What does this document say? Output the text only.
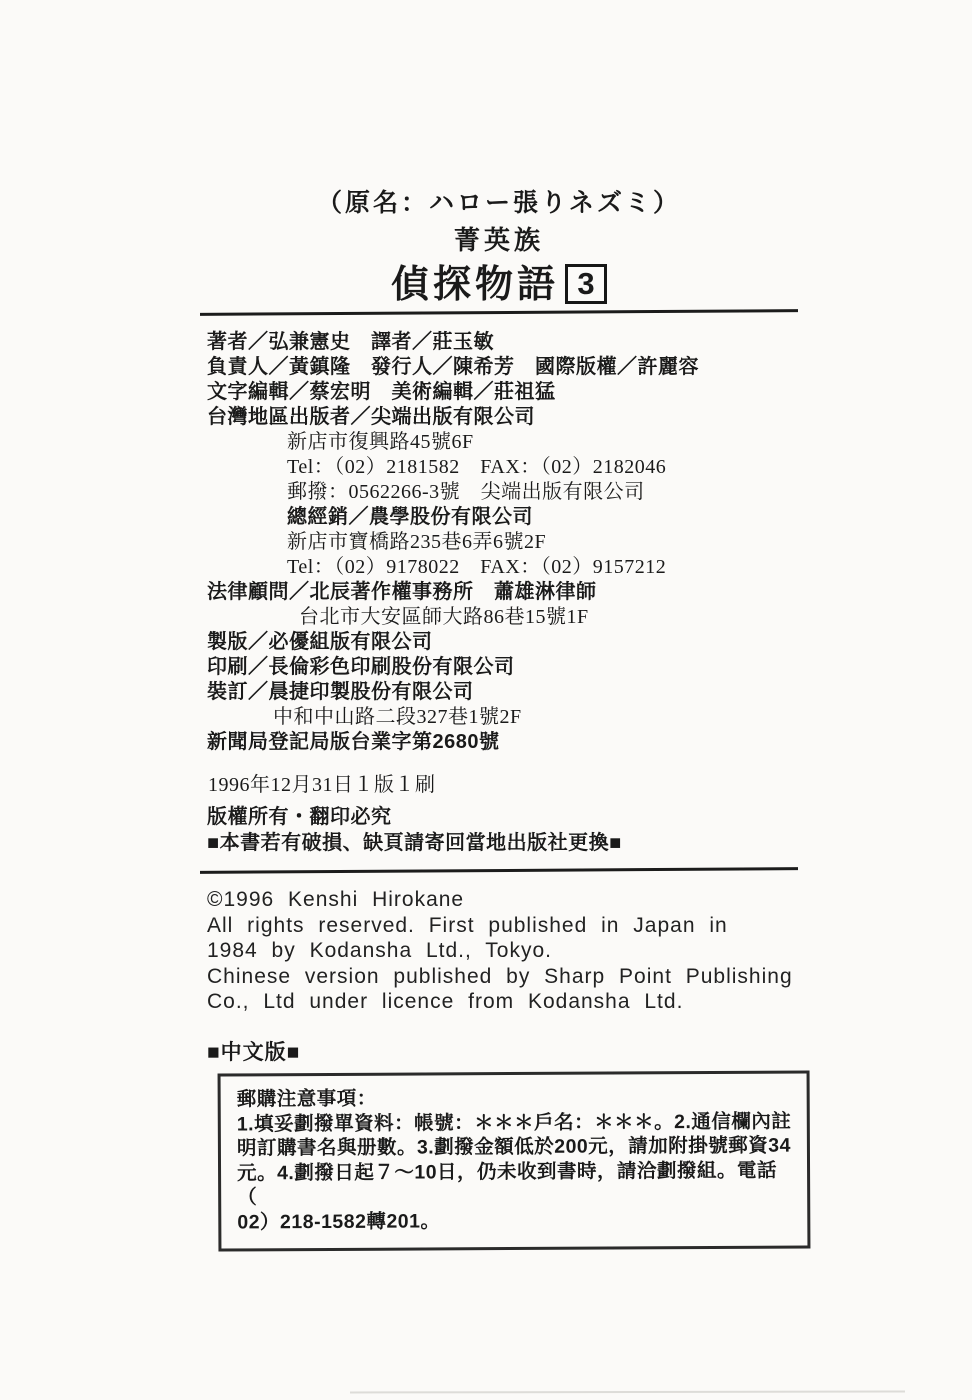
（原名：ハロー張りネズミ）
菁英族
偵探物語 3
著者／弘兼憲史　譯者／莊玉敏
負責人／黃鎮隆　發行人／陳希芳　國際版權／許麗容
文字編輯／蔡宏明　美術編輯／莊祖猛
台灣地區出版者／尖端出版有限公司
新店市復興路45號6F
Tel：（02）2181582　FAX：（02）2182046
郵撥：0562266-3號　尖端出版有限公司
總經銷／農學股份有限公司
新店市寶橋路235巷6弄6號2F
Tel：（02）9178022　FAX：（02）9157212
法律顧問／北辰著作權事務所　蕭雄淋律師
台北市大安區師大路86巷15號1F
製版／必優組版有限公司
印刷／長倫彩色印刷股份有限公司
裝訂／晨捷印製股份有限公司
中和中山路二段327巷1號2F
新聞局登記局版台業字第2680號
1996年12月31日１版１刷
版權所有・翻印必究
■本書若有破損、缺頁請寄回當地出版社更換■
©1996 Kenshi Hirokane
All rights reserved. First published in Japan in
1984 by Kodansha Ltd., Tokyo.
Chinese version published by Sharp Point Publishing
Co., Ltd under licence from Kodansha Ltd.
■中文版■
郵購注意事項：
1.填妥劃撥單資料：帳號：＊＊＊戶名：＊＊＊。2.通信欄內註
明訂購書名與册數。3.劃撥金額低於200元，請加附掛號郵資34
元。4.劃撥日起７～10日，仍未收到書時，請洽劃撥組。電話（
02）218-1582轉201。
